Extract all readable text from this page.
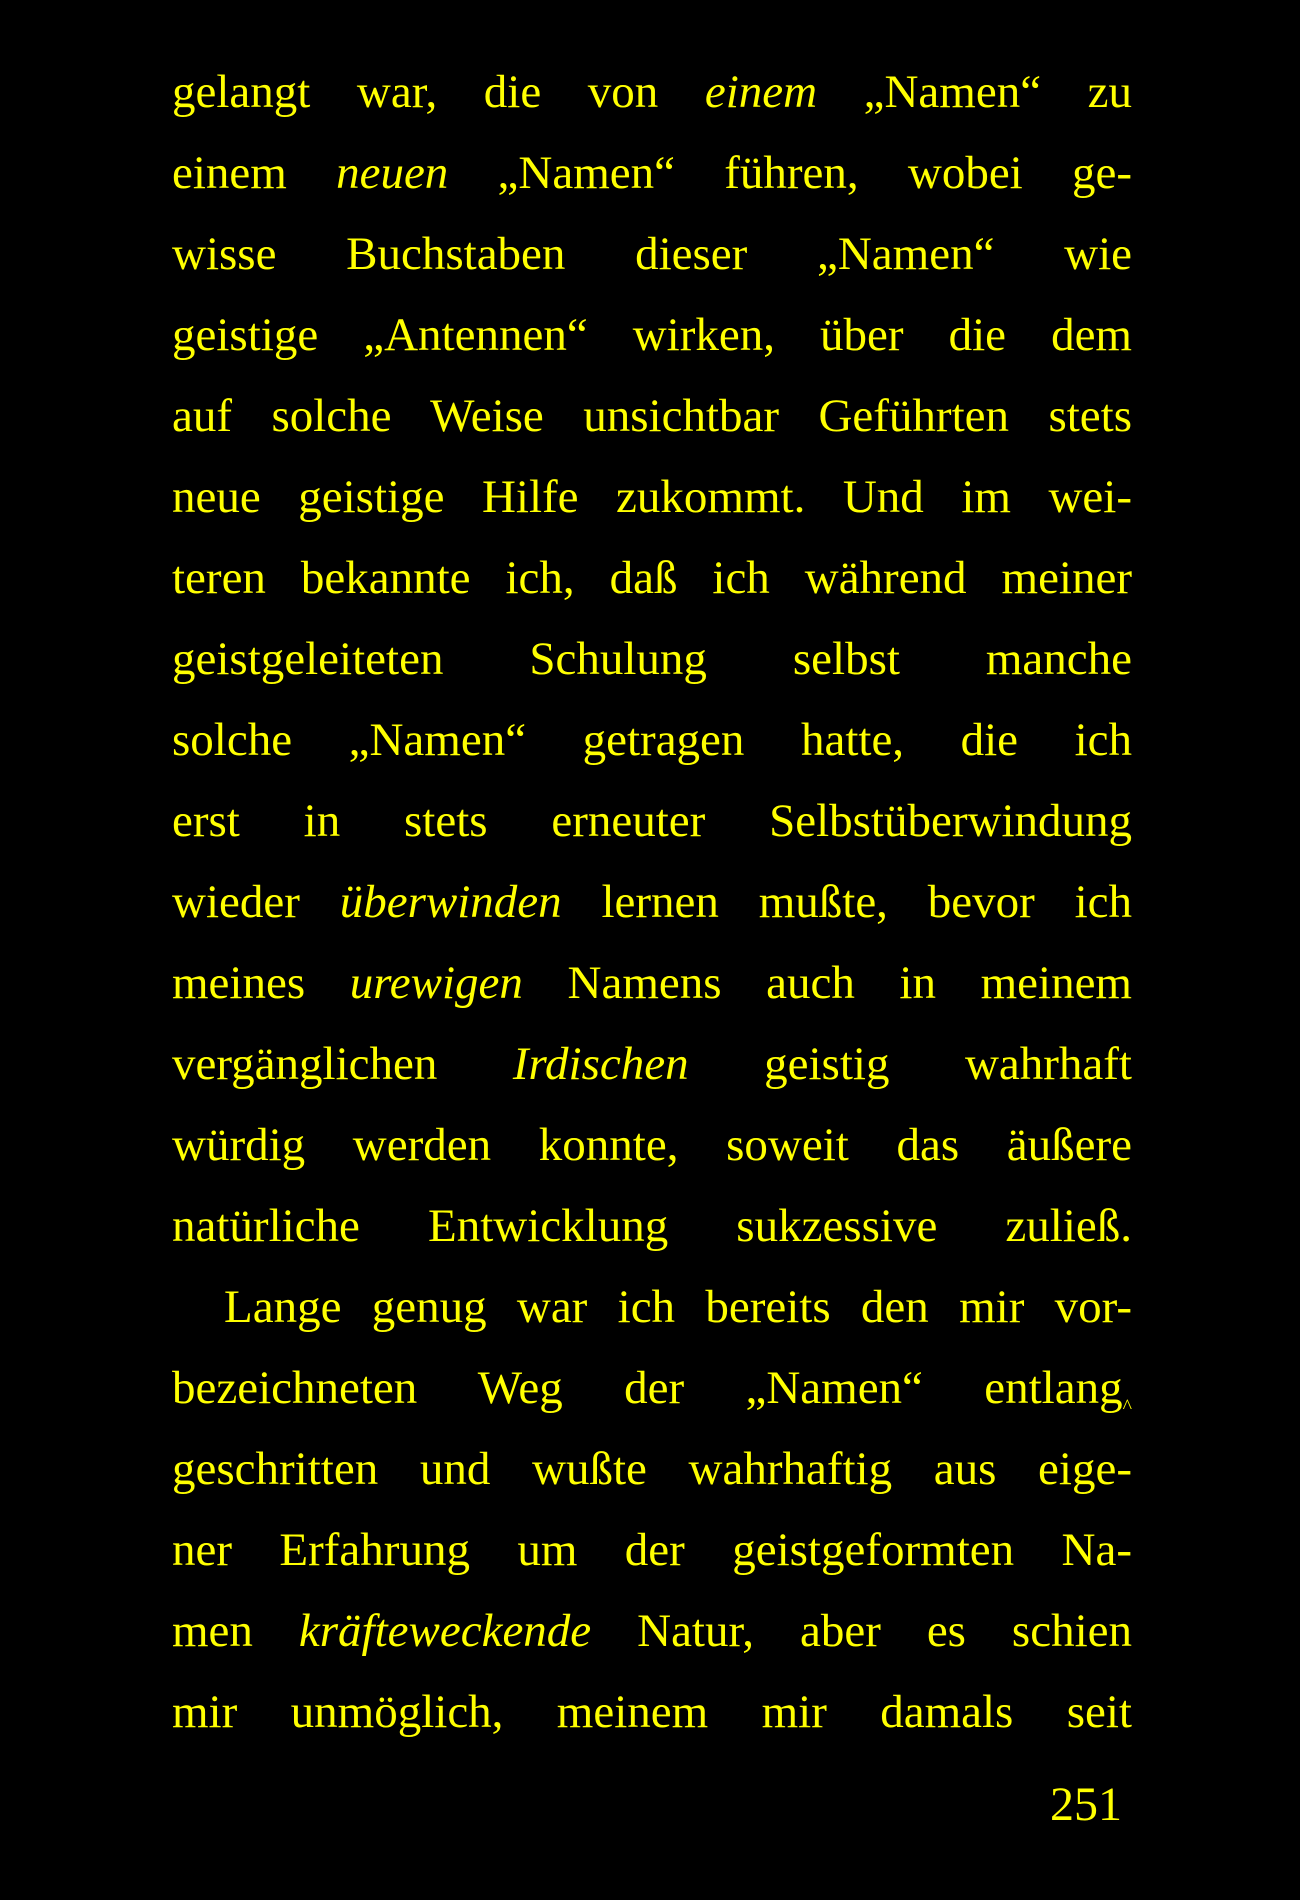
gelangt war, die von einem „Namen“ zu
einem neuen „Namen“ führen, wobei ge-
wisse Buchstaben dieser „Namen“ wie
geistige „Antennen“ wirken, über die dem
auf solche Weise unsichtbar Geführten stets
neue geistige Hilfe zukommt. Und im wei-
teren bekannte ich, daß ich während meiner
geistgeleiteten Schulung selbst manche
solche „Namen“ getragen hatte, die ich
erst in stets erneuter Selbstüberwindung
wieder überwinden lernen mußte, bevor ich
meines urewigen Namens auch in meinem
vergänglichen Irdischen geistig wahrhaft
würdig werden konnte, soweit das äußere
natürliche Entwicklung sukzessive zuließ.
Lange genug war ich bereits den mir vor-
bezeichneten Weg der „Namen“ entlang$_{\^{}}$
geschritten und wußte wahrhaftig aus eige-
ner Erfahrung um der geistgeformten Na-
men kräfteweckende Natur, aber es schien
mir unmöglich, meinem mir damals seit
251
